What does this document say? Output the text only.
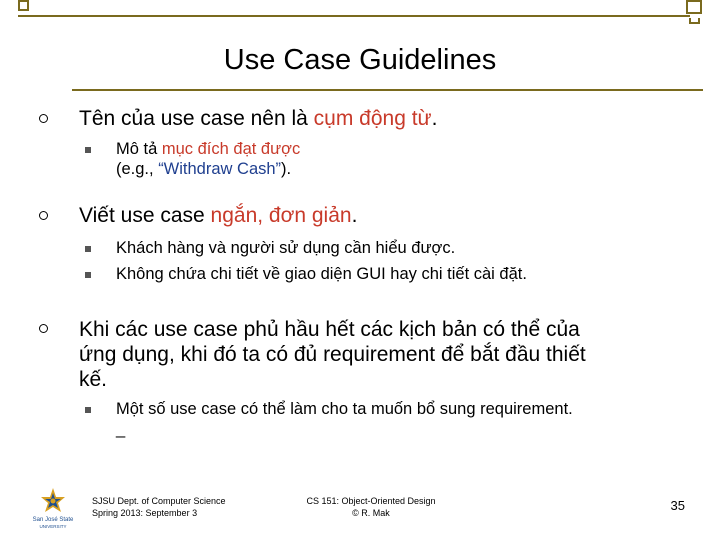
Use Case Guidelines
Tên của use case nên là cụm động từ.
Mô tả mục đích đạt được
(e.g., “Withdraw Cash”).
Viết use case ngắn, đơn giản.
Khách hàng và người sử dụng cần hiểu được.
Không chứa chi tiết về giao diện GUI hay chi tiết cài đặt.
Khi các use case phủ hầu hết các kịch bản có thể của
ứng dụng, khi đó ta có đủ requirement để bắt đầu thiết
kế.
Một số use case có thể làm cho ta muốn bổ sung requirement.
_
San José State
UNIVERSITY
SJSU Dept. of Computer Science
Spring 2013: September 3
CS 151: Object-Oriented Design
© R. Mak	35
